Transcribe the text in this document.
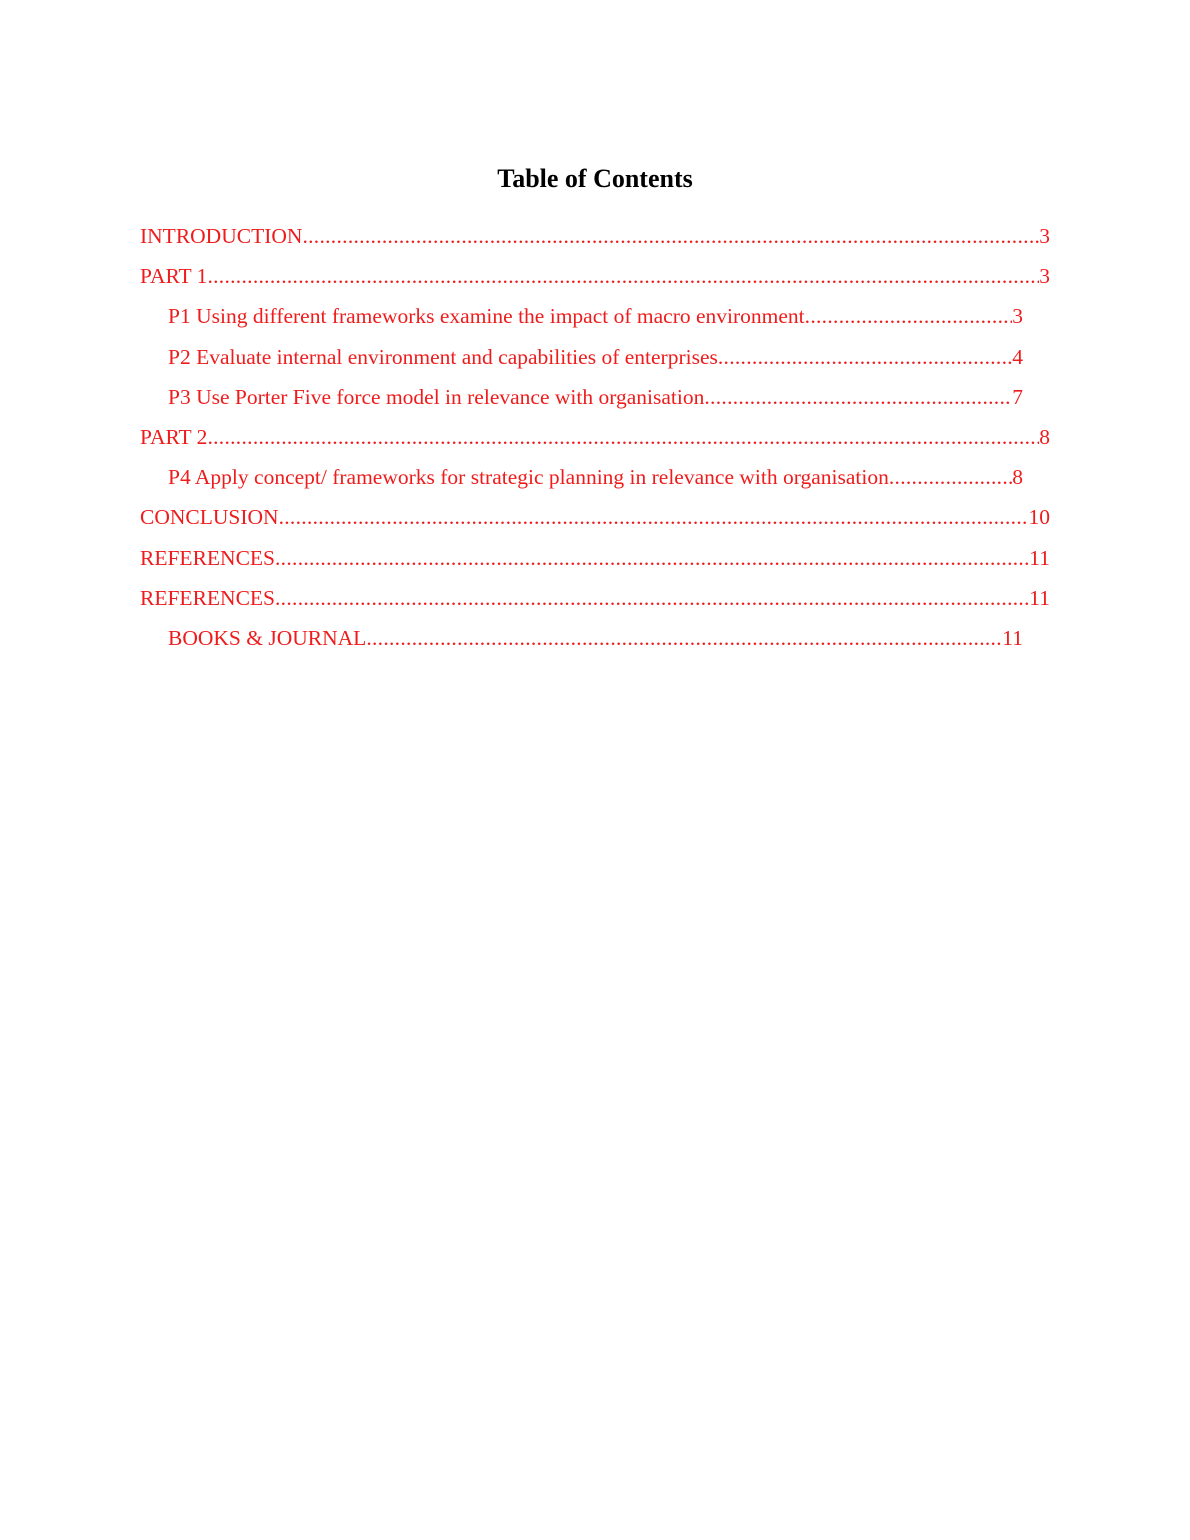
Table of Contents
INTRODUCTION .....	3
PART 1 .....	3
P1 Using different frameworks examine the impact of macro environment .....	3
P2 Evaluate internal environment and capabilities of enterprises .....	4
P3 Use Porter Five force model in relevance with organisation .....	7
PART 2 .....	8
P4 Apply concept/ frameworks for strategic planning in relevance with organisation .....	8
CONCLUSION .....	10
REFERENCES .....	11
REFERENCES .....	11
BOOKS & JOURNAL .....	11
